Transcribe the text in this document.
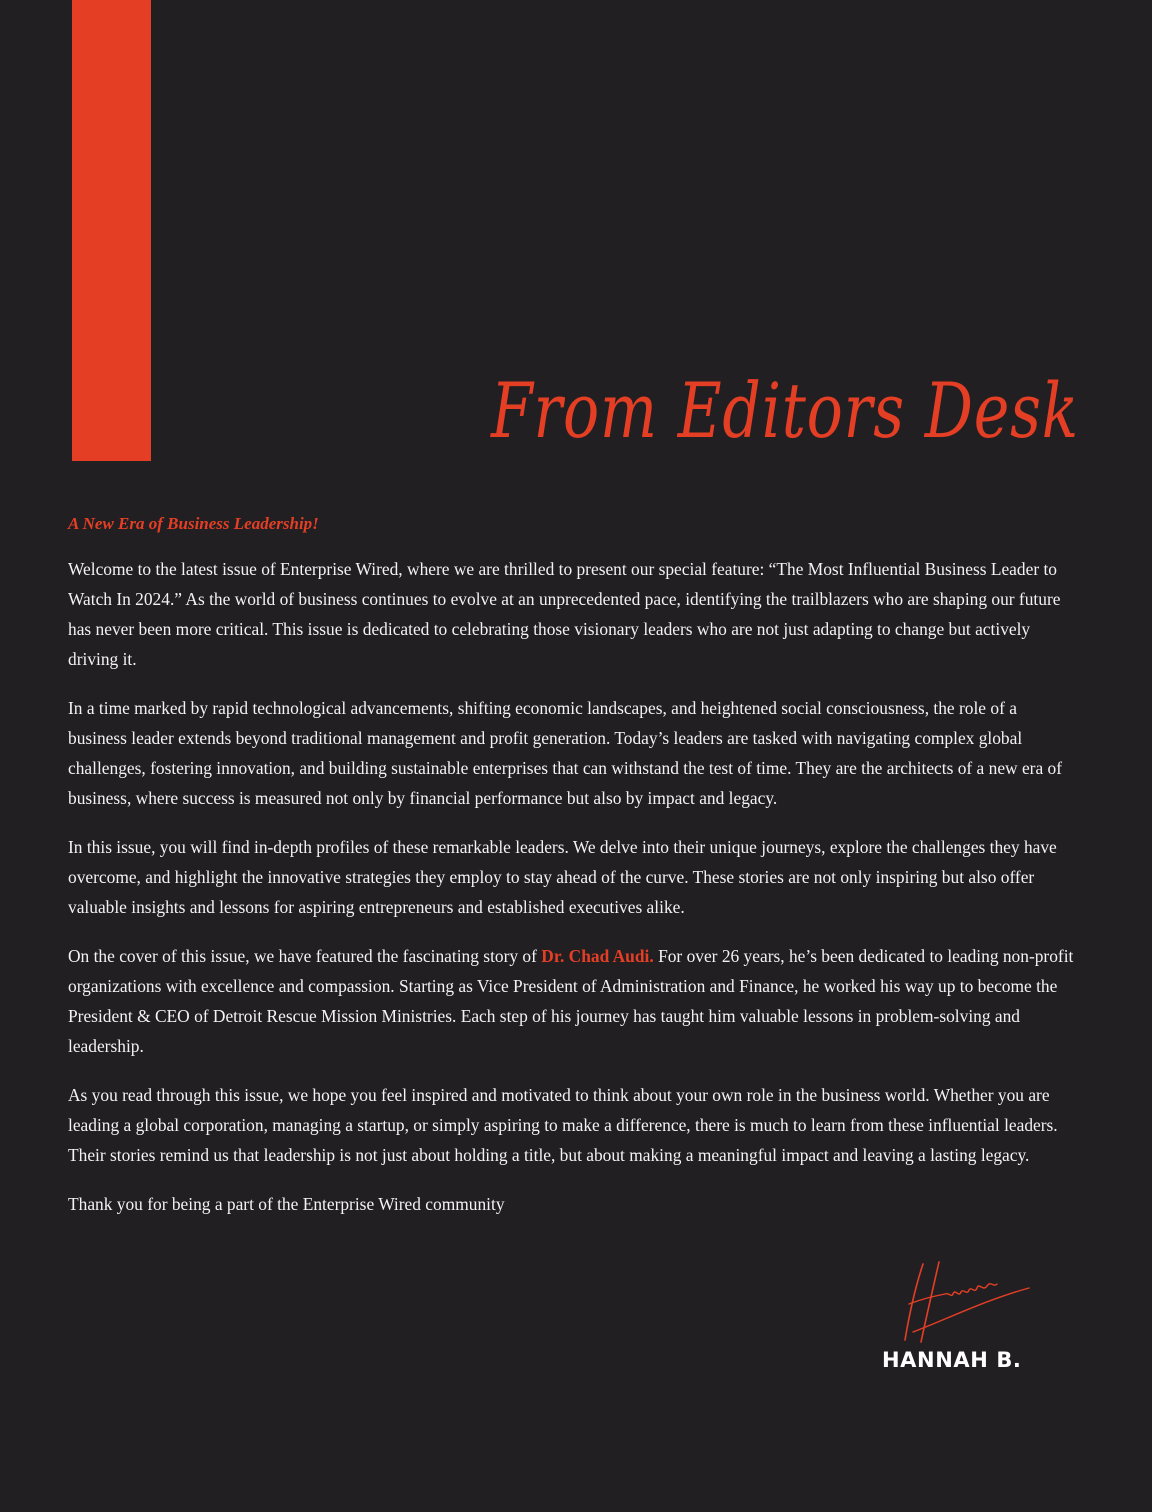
From Editors Desk

A New Era of Business Leadership!

Welcome to the latest issue of Enterprise Wired, where we are thrilled to present our special feature: “The Most Influential Business Leader to Watch In 2024.” As the world of business continues to evolve at an unprecedented pace, identifying the trailblazers who are shaping our future has never been more critical. This issue is dedicated to celebrating those visionary leaders who are not just adapting to change but actively driving it.

In a time marked by rapid technological advancements, shifting economic landscapes, and heightened social consciousness, the role of a business leader extends beyond traditional management and profit generation. Today’s leaders are tasked with navigating complex global challenges, fostering innovation, and building sustainable enterprises that can withstand the test of time. They are the architects of a new era of business, where success is measured not only by financial performance but also by impact and legacy.

In this issue, you will find in-depth profiles of these remarkable leaders. We delve into their unique journeys, explore the challenges they have overcome, and highlight the innovative strategies they employ to stay ahead of the curve. These stories are not only inspiring but also offer valuable insights and lessons for aspiring entrepreneurs and established executives alike.

On the cover of this issue, we have featured the fascinating story of Dr. Chad Audi. For over 26 years, he’s been dedicated to leading non-profit organizations with excellence and compassion. Starting as Vice President of Administration and Finance, he worked his way up to become the President & CEO of Detroit Rescue Mission Ministries. Each step of his journey has taught him valuable lessons in problem-solving and leadership.

As you read through this issue, we hope you feel inspired and motivated to think about your own role in the business world. Whether you are leading a global corporation, managing a startup, or simply aspiring to make a difference, there is much to learn from these influential leaders. Their stories remind us that leadership is not just about holding a title, but about making a meaningful impact and leaving a lasting legacy.

Thank you for being a part of the Enterprise Wired community

HANNAH B.
